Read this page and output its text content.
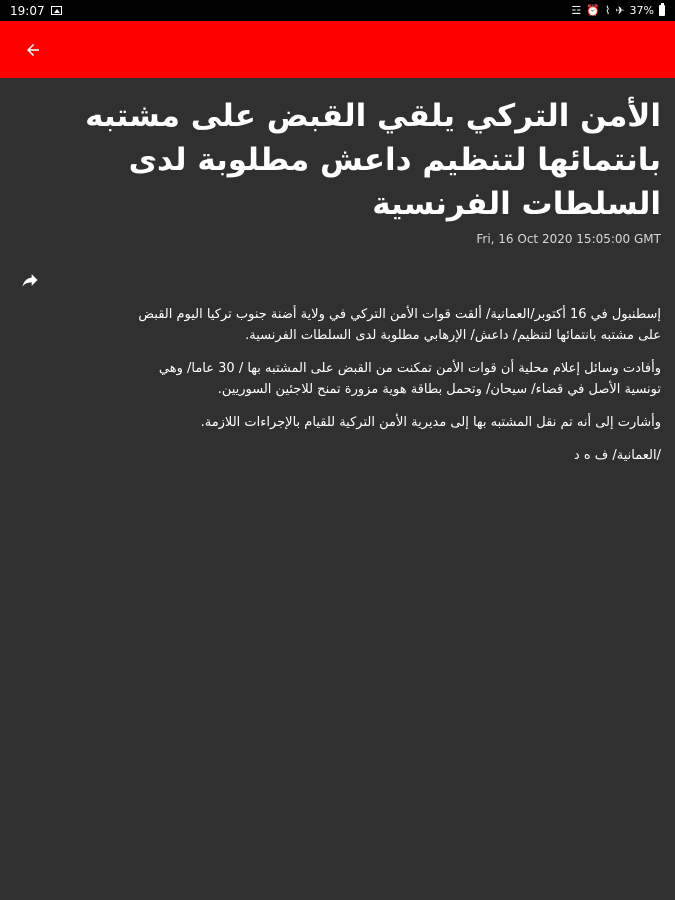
19:07	☲ ⏰ ⌇ ✈ 37%
الأمن التركي يلقي القبض على مشتبه بانتمائها لتنظيم داعش مطلوبة لدى السلطات الفرنسية
Fri, 16 Oct 2020 15:05:00 GMT

إسطنبول في 16 أكتوبر/العمانية/ ألقت قوات الأمن التركي في ولاية أضنة جنوب تركيا اليوم القبض على مشتبه بانتمائها لتنظيم/ داعش/ الإرهابي مطلوبة لدى السلطات الفرنسية.

وأفادت وسائل إعلام محلية أن قوات الأمن تمكنت من القبض على المشتبه بها / 30 عاما/ وهي تونسية الأصل في قضاء/ سيحان/ وتحمل بطاقة هوية مزورة تمنح للاجئين السوريين.

وأشارت إلى أنه تم نقل المشتبه بها إلى مديرية الأمن التركية للقيام بالإجراءات اللازمة.

/العمانية/ ف ه د
